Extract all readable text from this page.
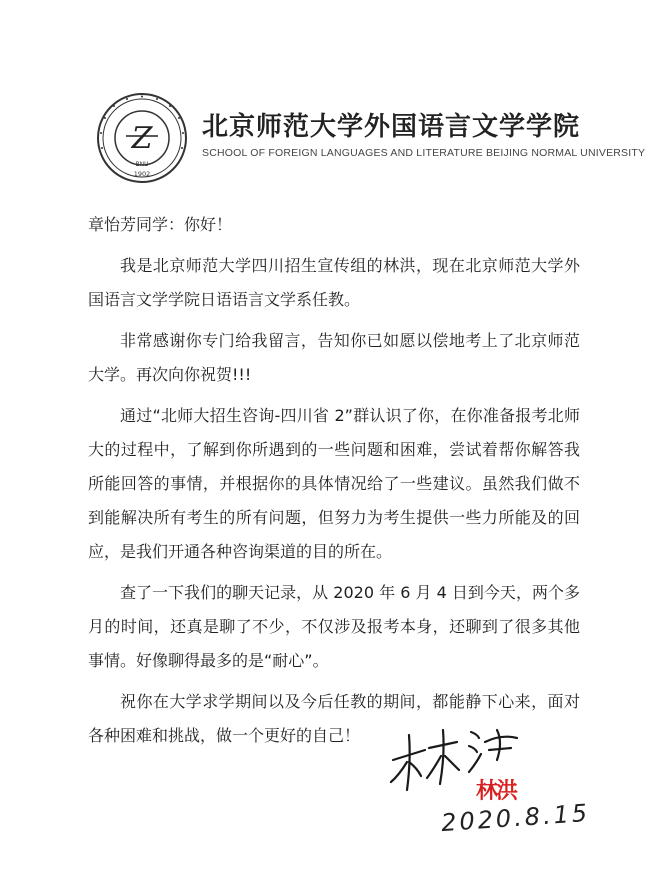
Z
1902
BNU
北京师范大学外国语言文学学院
SCHOOL OF FOREIGN LANGUAGES AND LITERATURE BEIJING NORMAL UNIVERSITY

章怡芳同学：你好！

我是北京师范大学四川招生宣传组的林洪，现在北京师范大学外国语言文学学院日语语言文学系任教。

非常感谢你专门给我留言，告知你已如愿以偿地考上了北京师范大学。再次向你祝贺!!!

通过“北师大招生咨询-四川省 2”群认识了你，在你准备报考北师大的过程中，了解到你所遇到的一些问题和困难，尝试着帮你解答我所能回答的事情，并根据你的具体情况给了一些建议。虽然我们做不到能解决所有考生的所有问题，但努力为考生提供一些力所能及的回应，是我们开通各种咨询渠道的目的所在。

查了一下我们的聊天记录，从 2020 年 6 月 4 日到今天，两个多月的时间，还真是聊了不少，不仅涉及报考本身，还聊到了很多其他事情。好像聊得最多的是“耐心”。

祝你在大学求学期间以及今后任教的期间，都能静下心来，面对各种困难和挑战，做一个更好的自己！

林洪
2020.8.15
